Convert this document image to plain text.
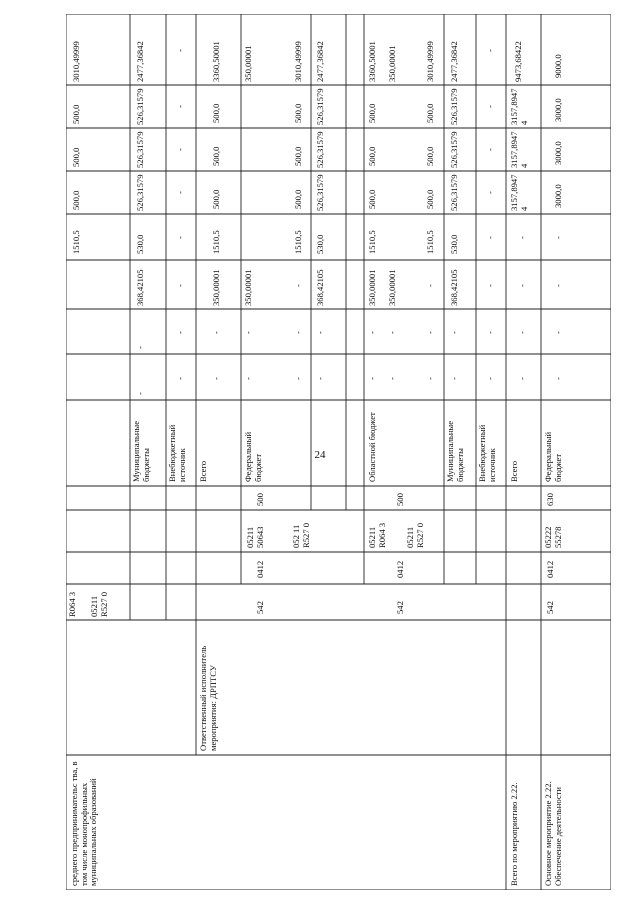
24
среднего предпринимательс тва, в том числе монопрофильных муниципальных образований
R064 3 05211 R527 0
1510,5
500,0
500,0
500,0
3010,49999
Муниципальные бюджеты
-
-
368,42105
530,0
526,31579
526,31579
526,31579
2477,36842
Внебюджетный источник
-
-
-
-
-
-
-
-
Ответственный исполнитель мероприятия: ДРПТСУ
542
0412
05211 50643	052 11 R527 0
500
Всего
-
-
350,00001
1510,5
500,0
500,0
500,0
3360,50001
Федеральный бюджет
-
-
350,00001
350,00001
-
-
-
1510,5
500,0
500,0
500,0
3010,49999
-
-
368,42105
530,0
526,31579
526,31579
526,31579
2477,36842
542
0412
05211 R064 3 05211 R527 0
500
Областной бюджет
-
-
350,00001
1510,5
500,0
500,0
500,0
3360,50001
-
-
350,00001
350,00001
-
-
-
1510,5
500,0
500,0
500,0
3010,49999
Муниципальные бюджеты
-
-
368,42105
530,0
526,31579
526,31579
526,31579
2477,36842
Внебюджетный источник
-
-
-
-
-
-
-
-
Всего по мероприятию 2.22.
Всего
-
-
-
-
3157,8947 4
3157,8947 4
3157,8947 4
9473,68422
Основное мероприятие 2.22. Обеспечение деятельности
542
0412
05222 55278
630
Федеральный бюджет
-
-
-
-
3000,0
3000,0
3000,0
9000,0
